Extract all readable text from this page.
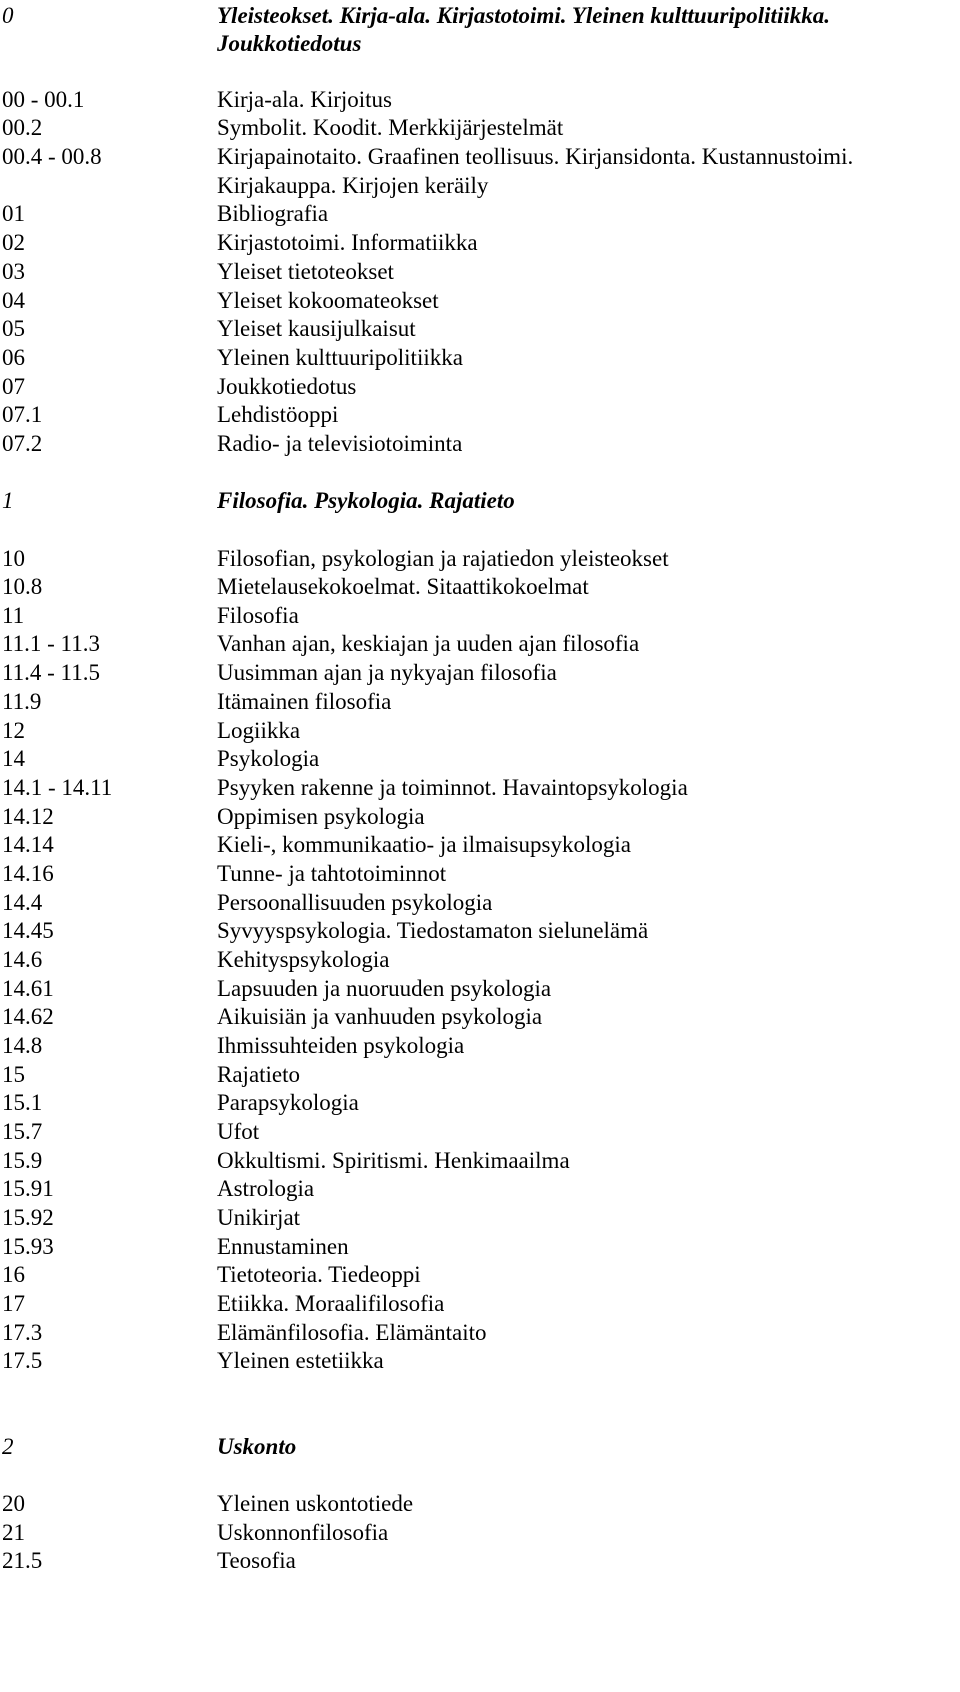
0	Yleisteokset. Kirja-ala. Kirjastotoimi. Yleinen kulttuuripolitiikka.
Joukkotiedotus
00 - 00.1	Kirja-ala. Kirjoitus
00.2	Symbolit. Koodit. Merkkijärjestelmät
00.4 - 00.8	Kirjapainotaito. Graafinen teollisuus. Kirjansidonta. Kustannustoimi.
Kirjakauppa. Kirjojen keräily
01	Bibliografia
02	Kirjastotoimi. Informatiikka
03	Yleiset tietoteokset
04	Yleiset kokoomateokset
05	Yleiset kausijulkaisut
06	Yleinen kulttuuripolitiikka
07	Joukkotiedotus
07.1	Lehdistöoppi
07.2	Radio- ja televisiotoiminta
1	Filosofia. Psykologia. Rajatieto
10	Filosofian, psykologian ja rajatiedon yleisteokset
10.8	Mietelausekokoelmat. Sitaattikokoelmat
11	Filosofia
11.1 - 11.3	Vanhan ajan, keskiajan ja uuden ajan filosofia
11.4 - 11.5	Uusimman ajan ja nykyajan filosofia
11.9	Itämainen filosofia
12	Logiikka
14	Psykologia
14.1 - 14.11	Psyyken rakenne ja toiminnot. Havaintopsykologia
14.12	Oppimisen psykologia
14.14	Kieli-, kommunikaatio- ja ilmaisupsykologia
14.16	Tunne- ja tahtotoiminnot
14.4	Persoonallisuuden psykologia
14.45	Syvyyspsykologia. Tiedostamaton sielunelämä
14.6	Kehityspsykologia
14.61	Lapsuuden ja nuoruuden psykologia
14.62	Aikuisiän ja vanhuuden psykologia
14.8	Ihmissuhteiden psykologia
15	Rajatieto
15.1	Parapsykologia
15.7	Ufot
15.9	Okkultismi. Spiritismi. Henkimaailma
15.91	Astrologia
15.92	Unikirjat
15.93	Ennustaminen
16	Tietoteoria. Tiedeoppi
17	Etiikka. Moraalifilosofia
17.3	Elämänfilosofia. Elämäntaito
17.5	Yleinen estetiikka
2	Uskonto
20	Yleinen uskontotiede
21	Uskonnonfilosofia
21.5	Teosofia
